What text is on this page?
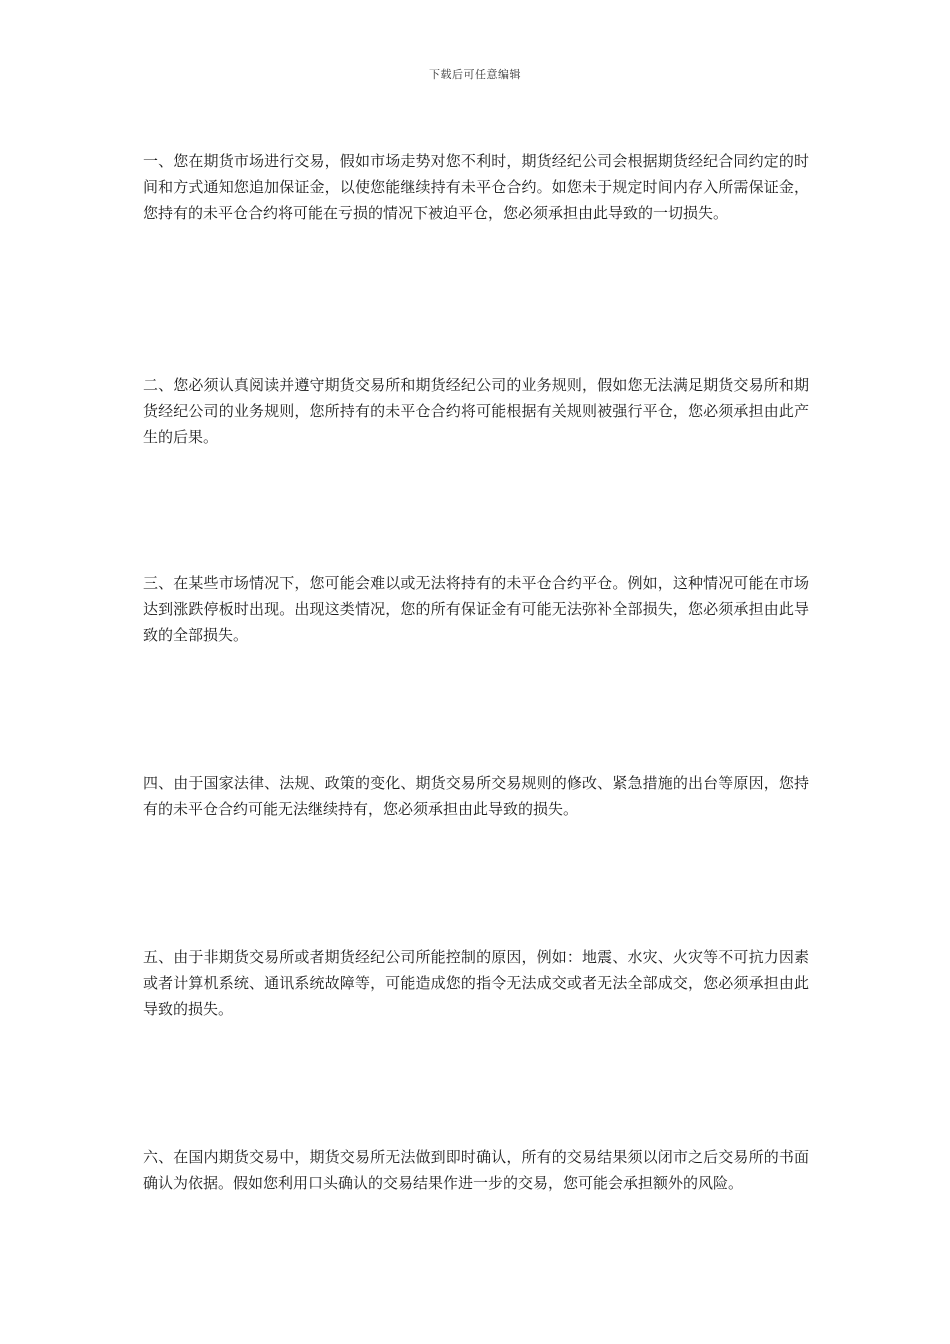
下载后可任意编辑

一、您在期货市场进行交易，假如市场走势对您不利时，期货经纪公司会根据期货经纪合同约定的时间和方式通知您追加保证金，以使您能继续持有未平仓合约。如您未于规定时间内存入所需保证金，您持有的未平仓合约将可能在亏损的情况下被迫平仓，您必须承担由此导致的一切损失。

二、您必须认真阅读并遵守期货交易所和期货经纪公司的业务规则，假如您无法满足期货交易所和期货经纪公司的业务规则，您所持有的未平仓合约将可能根据有关规则被强行平仓，您必须承担由此产生的后果。

三、在某些市场情况下，您可能会难以或无法将持有的未平仓合约平仓。例如，这种情况可能在市场达到涨跌停板时出现。出现这类情况，您的所有保证金有可能无法弥补全部损失，您必须承担由此导致的全部损失。

四、由于国家法律、法规、政策的变化、期货交易所交易规则的修改、紧急措施的出台等原因，您持有的未平仓合约可能无法继续持有，您必须承担由此导致的损失。

五、由于非期货交易所或者期货经纪公司所能控制的原因，例如：地震、水灾、火灾等不可抗力因素或者计算机系统、通讯系统故障等，可能造成您的指令无法成交或者无法全部成交，您必须承担由此导致的损失。

六、在国内期货交易中，期货交易所无法做到即时确认，所有的交易结果须以闭市之后交易所的书面确认为依据。假如您利用口头确认的交易结果作进一步的交易，您可能会承担额外的风险。
